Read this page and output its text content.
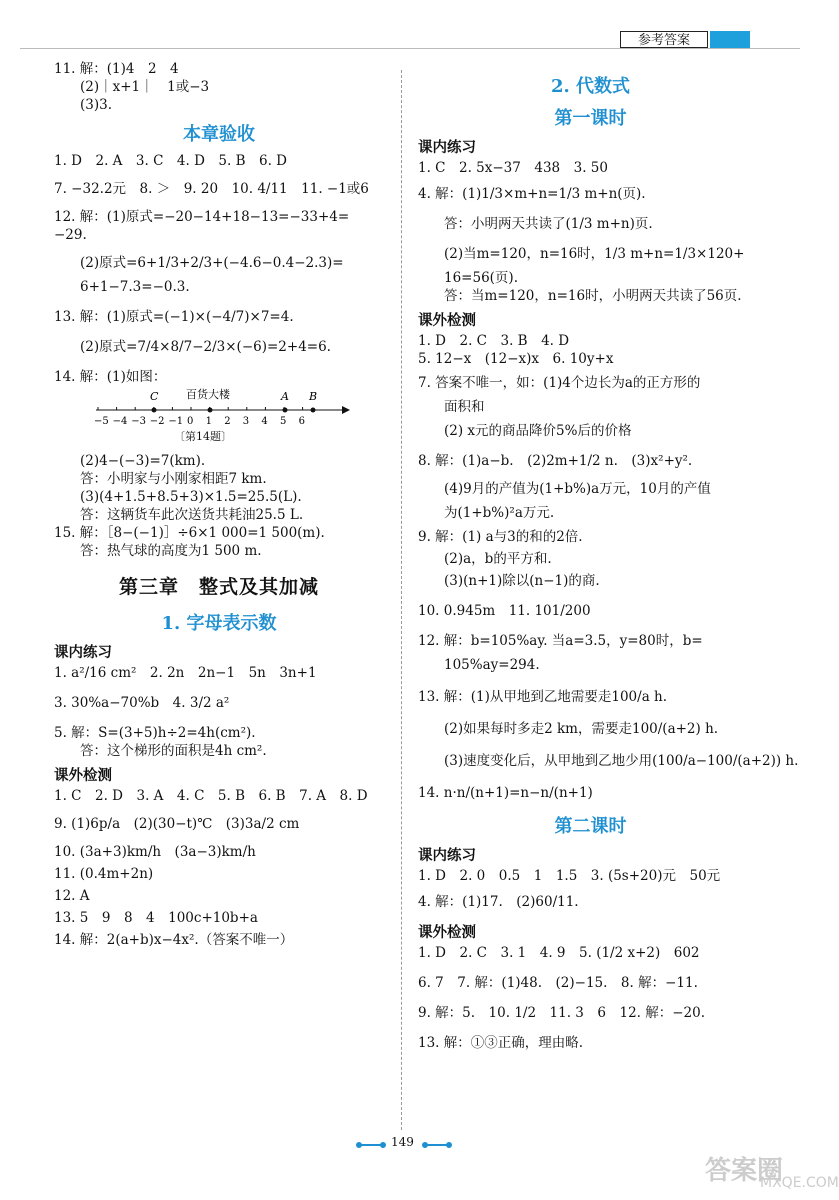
参考答案

11. 解：(1)4　2　4

(2)｜x+1｜　1或−3

(3)3.

本章验收

1. D　2. A　3. C　4. D　5. B　6. D

7. −32.2元　8. ＞　9. 20　10. 4/11　11. −1或6

12. 解：(1)原式=−20−14+18−13=−33+4=

−29.

(2)原式=6+1/3+2/3+(−4.6−0.4−2.3)=

6+1−7.3=−0.3.

13. 解：(1)原式=(−1)×(−4/7)×7=4.

(2)原式=7/4×8/7−2/3×(−6)=2+4=6.

14. 解：(1)如图：

−5 −4 −3 −2 −1 0 1 2 3 4 5 6
C	百货大楼	A B

〔第14题〕

(2)4−(−3)=7(km).

答：小明家与小刚家相距7 km.

(3)(4+1.5+8.5+3)×1.5=25.5(L).

答：这辆货车此次送货共耗油25.5 L.

15. 解：［8−(−1)］÷6×1 000=1 500(m).

答：热气球的高度为1 500 m.

第三章　整式及其加减
1. 字母表示数
课内练习

1. a²/16 cm²　2. 2n　2n−1　5n　3n+1

3. 30%a−70%b　4. 3/2 a²

5. 解：S=(3+5)h÷2=4h(cm²).

答：这个梯形的面积是4h cm².

课外检测

1. C　2. D　3. A　4. C　5. B　6. B　7. A　8. D

9. (1)6p/a　(2)(30−t)℃　(3)3a/2 cm

10. (3a+3)km/h　(3a−3)km/h

11. (0.4m+2n)

12. A

13. 5　9　8　4　100c+10b+a

14. 解：2(a+b)x−4x².（答案不唯一）

2. 代数式
第一课时
课内练习

1. C　2. 5x−37　438　3. 50

4. 解：(1)1/3×m+n=1/3 m+n(页).

答：小明两天共读了(1/3 m+n)页.

(2)当m=120，n=16时，1/3 m+n=1/3×120+

16=56(页).

答：当m=120，n=16时，小明两天共读了56页.

课外检测

1. D　2. C　3. B　4. D

5. 12−x　(12−x)x　6. 10y+x

7. 答案不唯一，如：(1)4个边长为a的正方形的

面积和

(2) x元的商品降价5%后的价格

8. 解：(1)a−b.　(2)2m+1/2 n.　(3)x²+y².

(4)9月的产值为(1+b%)a万元，10月的产值

为(1+b%)²a万元.

9. 解：(1) a与3的和的2倍.

(2)a，b的平方和.

(3)(n+1)除以(n−1)的商.

10. 0.945m　11. 101/200

12. 解：b=105%ay. 当a=3.5，y=80时，b=

105%ay=294.

13. 解：(1)从甲地到乙地需要走100/a h.

(2)如果每时多走2 km，需要走100/(a+2) h.

(3)速度变化后，从甲地到乙地少用(100/a−100/(a+2)) h.

14. n·n/(n+1)=n−n/(n+1)

第二课时
课内练习

1. D　2. 0　0.5　1　1.5　3. (5s+20)元　50元

4. 解：(1)17.　(2)60/11.

课外检测

1. D　2. C　3. 1　4. 9　5. (1/2 x+2)　602

6. 7　7. 解：(1)48.　(2)−15.　8. 解：−11.

9. 解：5.　10. 1/2　11. 3　6　12. 解：−20.

13. 解：①③正确，理由略.

149
答案圈
MXQE.COM
